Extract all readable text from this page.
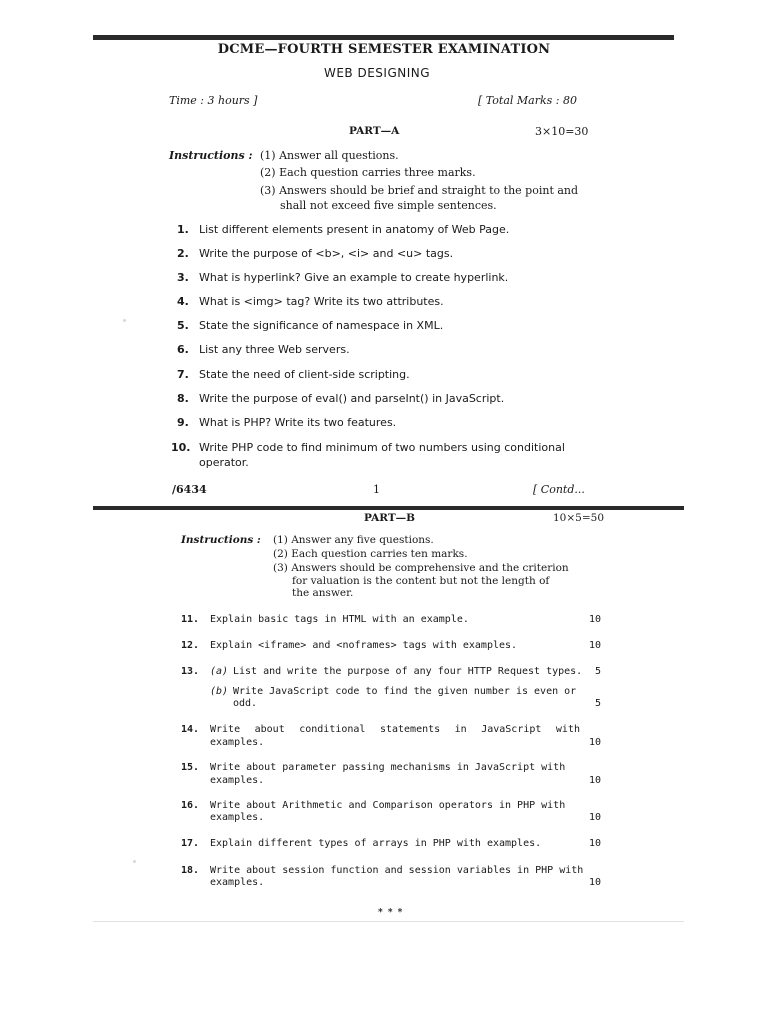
DCME—FOURTH SEMESTER EXAMINATION
WEB DESIGNING
Time : 3 hours ]	[ Total Marks : 80
PART—A	3×10=30
Instructions : (1) Answer all questions.
(2) Each question carries three marks.
(3) Answers should be brief and straight to the point and
shall not exceed five simple sentences.
1. List different elements present in anatomy of Web Page.
2. Write the purpose of <b>, <i> and <u> tags.
3. What is hyperlink? Give an example to create hyperlink.
4. What is <img> tag? Write its two attributes.
5. State the significance of namespace in XML.
6. List any three Web servers.
7. State the need of client-side scripting.
8. Write the purpose of eval() and parseInt() in JavaScript.
9. What is PHP? Write its two features.
10. Write PHP code to find minimum of two numbers using conditional
operator.
/6434	1	[ Contd...
PART—B	10×5=50
Instructions : (1) Answer any five questions.
(2) Each question carries ten marks.
(3) Answers should be comprehensive and the criterion
for valuation is the content but not the length of
the answer.
11. Explain basic tags in HTML with an example.	10
12. Explain <iframe> and <noframes> tags with examples.	10
13. (a) List and write the purpose of any four HTTP Request types. 5
(b) Write JavaScript code to find the given number is even or
odd.	5
14. Write about conditional statements in JavaScript with
examples.	10
15. Write about parameter passing mechanisms in JavaScript with
examples.	10
16. Write about Arithmetic and Comparison operators in PHP with
examples.	10
17. Explain different types of arrays in PHP with examples.	10
18. Write about session function and session variables in PHP with
examples.	10
* * *
